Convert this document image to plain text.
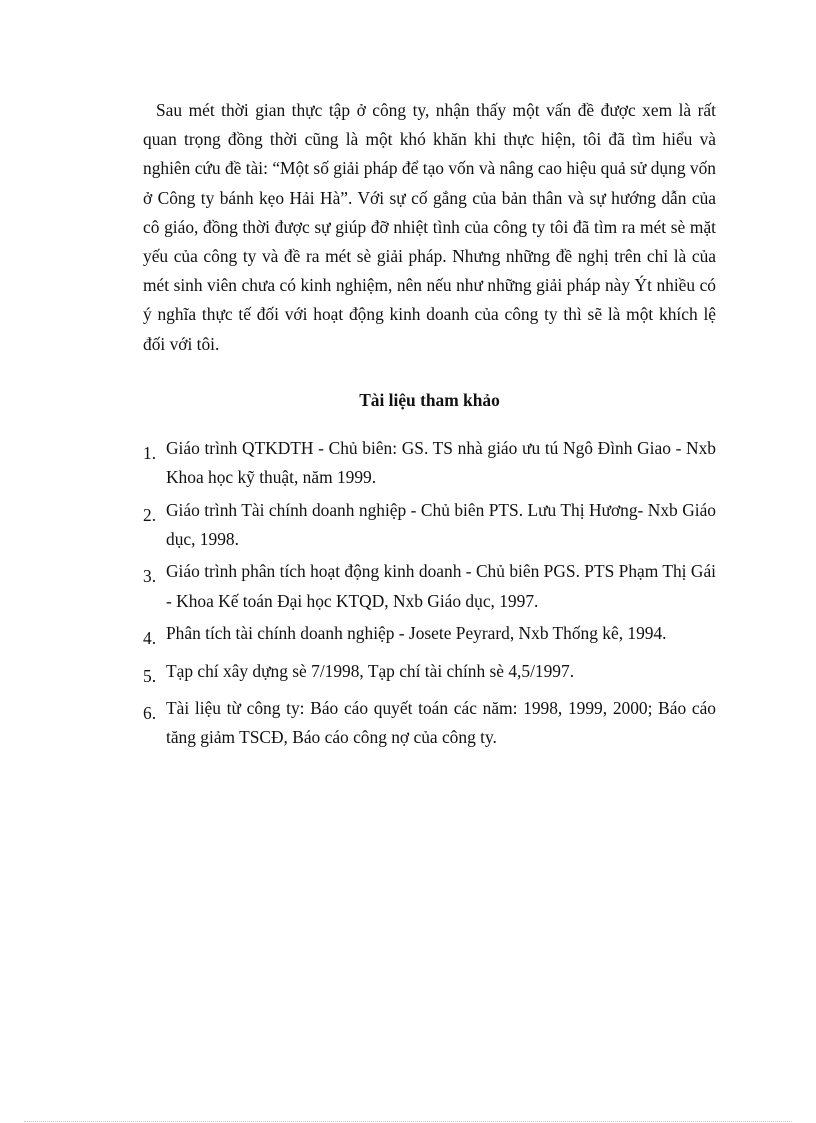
Sau mét thời gian thực tập ở công ty, nhận thấy một vấn đề được xem là rất quan trọng đồng thời cũng là một khó khăn khi thực hiện, tôi đã tìm hiểu và nghiên cứu đề tài: “Một số giải pháp để tạo vốn và nâng cao hiệu quả sử dụng vốn ở Công ty bánh kẹo Hải Hà”. Với sự cố gắng của bản thân và sự hướng dẫn của cô giáo, đồng thời được sự giúp đỡ nhiệt tình của công ty tôi đã tìm ra mét sè mặt yếu của công ty và đề ra mét sè giải pháp. Nhưng những đề nghị trên chỉ là của mét sinh viên chưa có kinh nghiệm, nên nếu như những giải pháp này Ýt nhiều có ý nghĩa thực tế đối với hoạt động kinh doanh của công ty thì sẽ là một khích lệ đối với tôi.

Tài liệu tham khảo
1. Giáo trình QTKDTH - Chủ biên: GS. TS nhà giáo ưu tú Ngô Đình Giao - Nxb Khoa học kỹ thuật, năm 1999.
2. Giáo trình Tài chính doanh nghiệp - Chủ biên PTS. Lưu Thị Hương- Nxb Giáo dục, 1998.
3. Giáo trình phân tích hoạt động kinh doanh - Chủ biên PGS. PTS Phạm Thị Gái - Khoa Kế toán Đại học KTQD, Nxb Giáo dục, 1997.
4. Phân tích tài chính doanh nghiệp - Josete Peyrard, Nxb Thống kê, 1994.
5. Tạp chí xây dựng sè 7/1998, Tạp chí tài chính sè 4,5/1997.
6. Tài liệu từ công ty: Báo cáo quyết toán các năm: 1998, 1999, 2000; Báo cáo tăng giảm TSCĐ, Báo cáo công nợ của công ty.
